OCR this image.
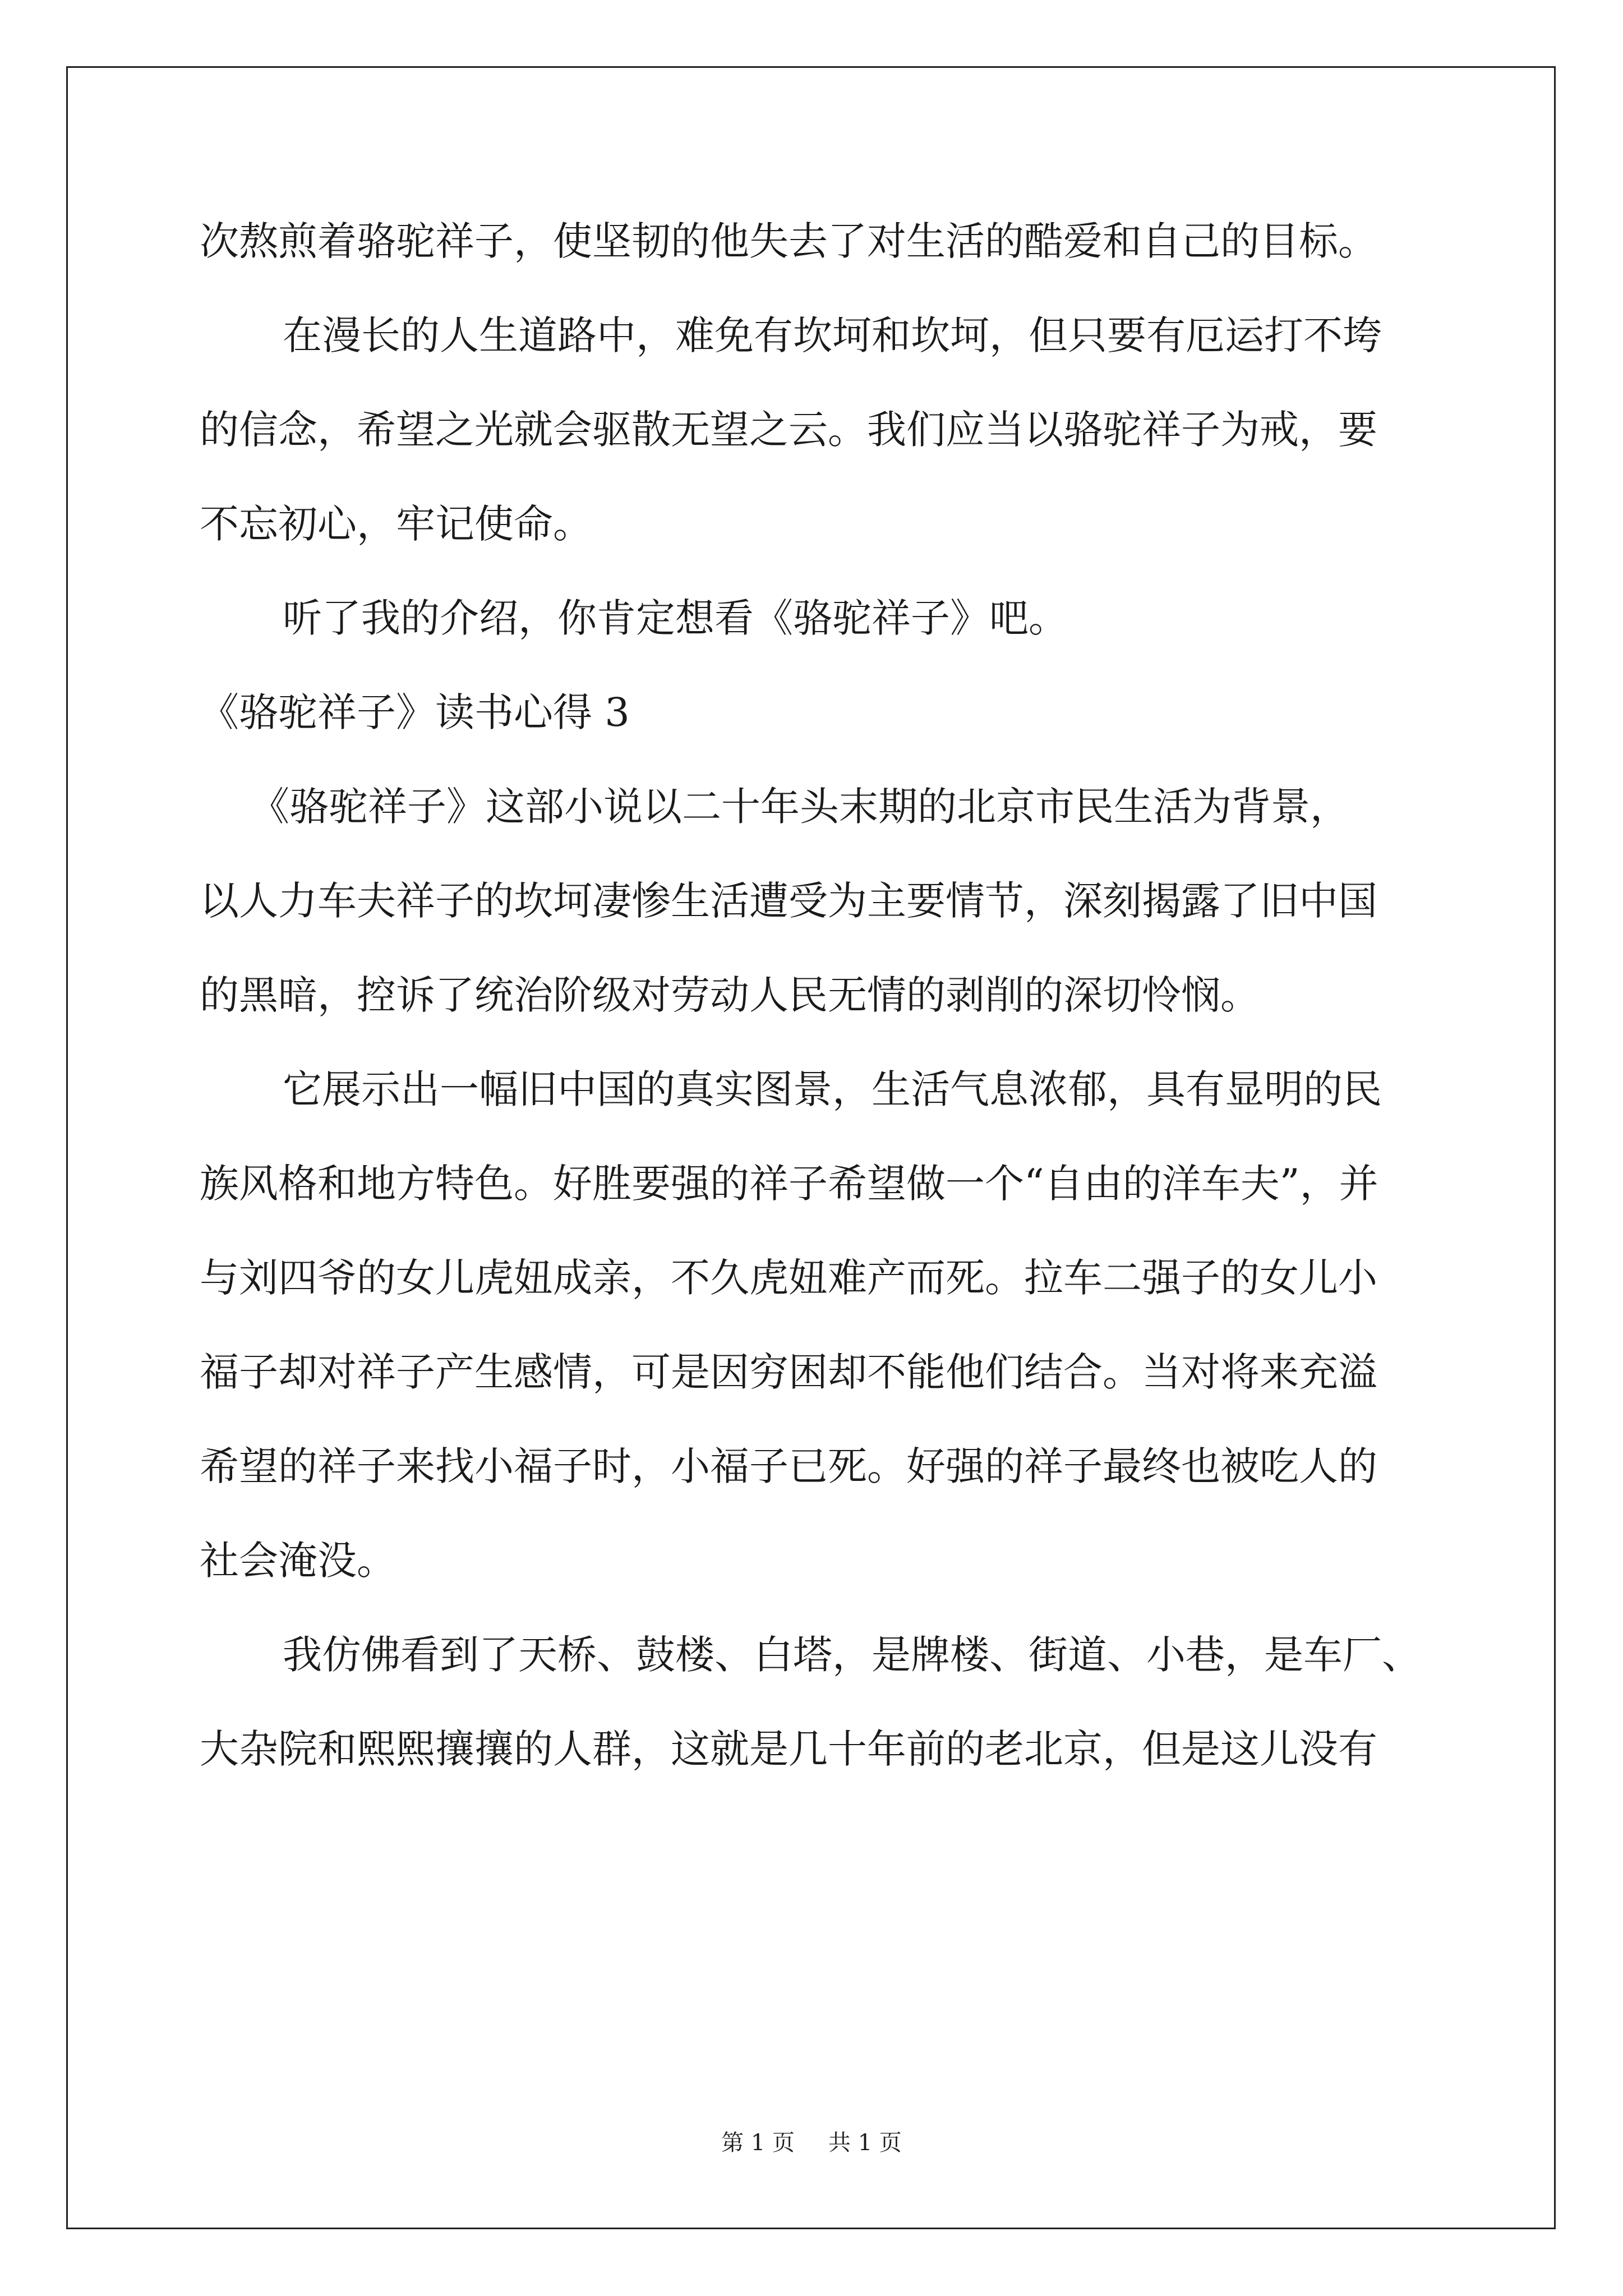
次熬煎着骆驼祥子，使坚韧的他失去了对生活的酷爱和自己的目标。
在漫长的人生道路中，难免有坎坷和坎坷，但只要有厄运打不垮
的信念，希望之光就会驱散无望之云。我们应当以骆驼祥子为戒，要
不忘初心，牢记使命。
听了我的介绍，你肯定想看《骆驼祥子》吧。
《骆驼祥子》读书心得 3
《骆驼祥子》这部小说以二十年头末期的北京市民生活为背景，
以人力车夫祥子的坎坷凄惨生活遭受为主要情节，深刻揭露了旧中国
的黑暗，控诉了统治阶级对劳动人民无情的剥削的深切怜悯。
它展示出一幅旧中国的真实图景，生活气息浓郁，具有显明的民
族风格和地方特色。好胜要强的祥子希望做一个“自由的洋车夫”，并
与刘四爷的女儿虎妞成亲，不久虎妞难产而死。拉车二强子的女儿小
福子却对祥子产生感情，可是因穷困却不能他们结合。当对将来充溢
希望的祥子来找小福子时，小福子已死。好强的祥子最终也被吃人的
社会淹没。
我仿佛看到了天桥、鼓楼、白塔，是牌楼、街道、小巷，是车厂、
大杂院和熙熙攘攘的人群，这就是几十年前的老北京，但是这儿没有
第 1 页 共 1 页
